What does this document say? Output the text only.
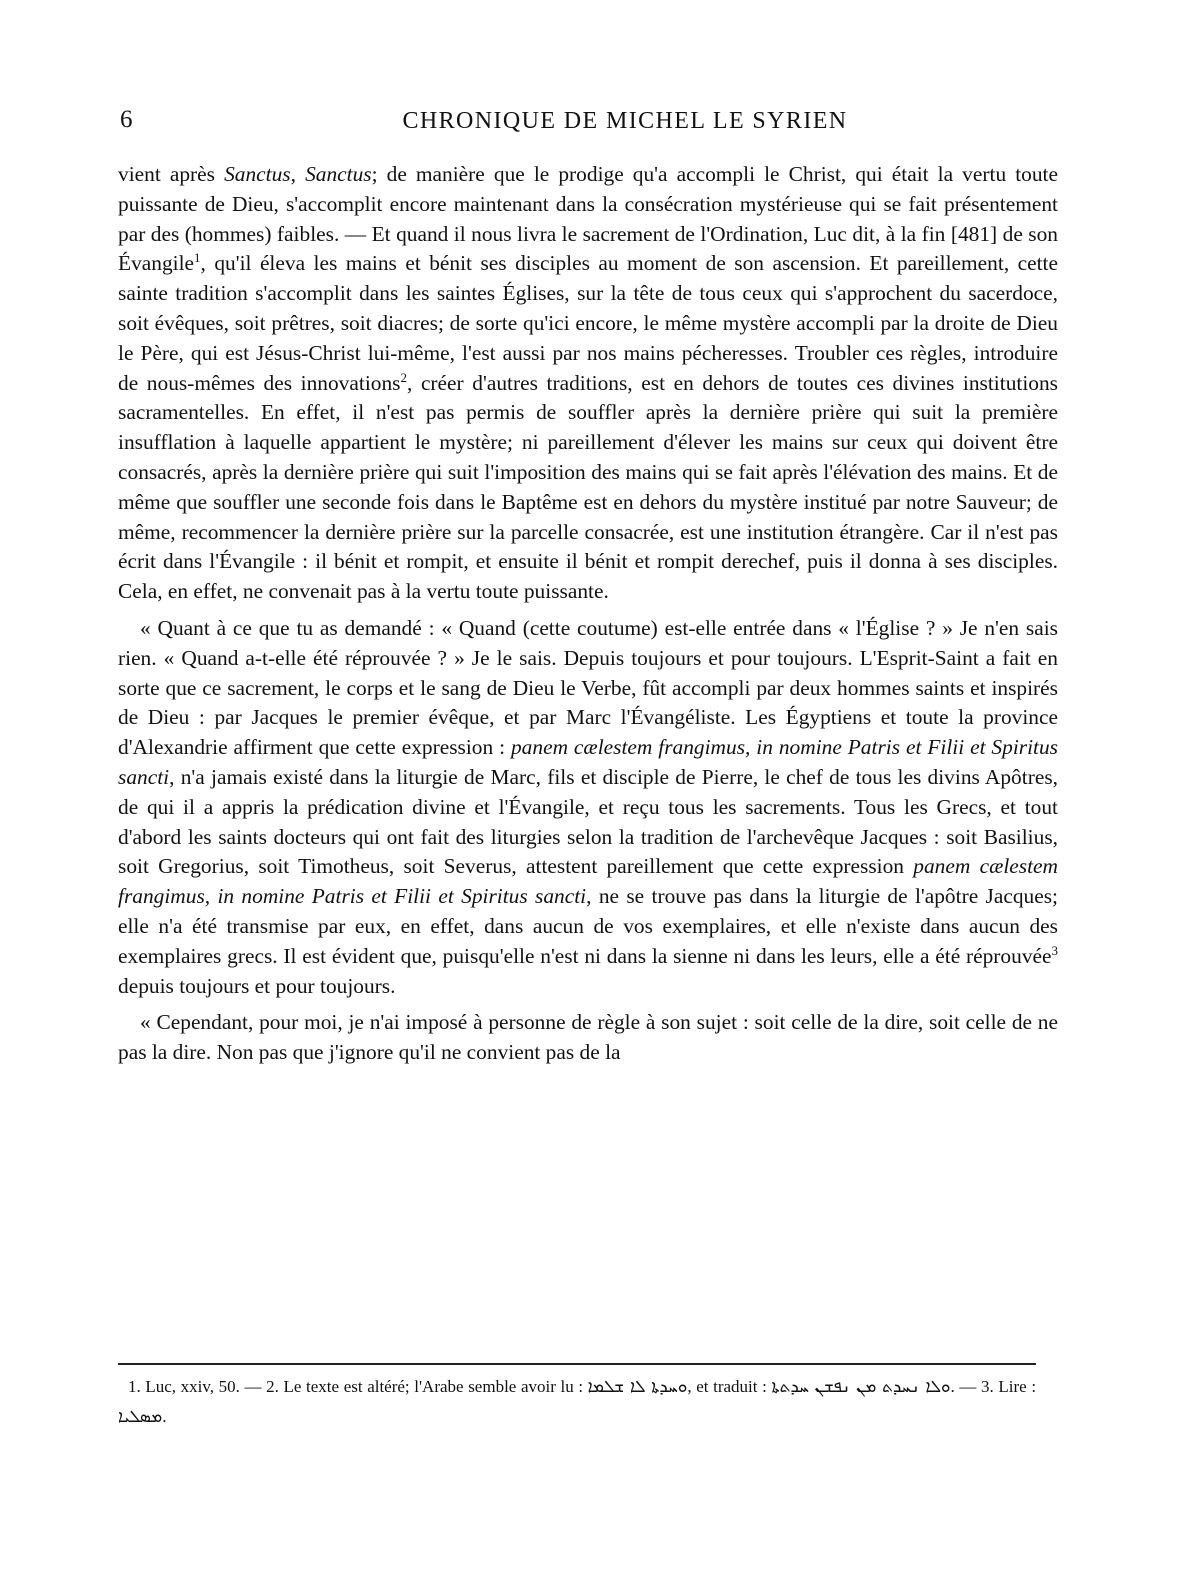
6	CHRONIQUE DE MICHEL LE SYRIEN

vient après Sanctus, Sanctus; de manière que le prodige qu'a accompli le Christ, qui était la vertu toute puissante de Dieu, s'accomplit encore maintenant dans la consécration mystérieuse qui se fait présentement par des (hommes) faibles. — Et quand il nous livra le sacrement de l'Ordination, Luc dit, à la fin [481] de son Évangile$^1$, qu'il éleva les mains et bénit ses disciples au moment de son ascension. Et pareillement, cette sainte tradition s'accomplit dans les saintes Églises, sur la tête de tous ceux qui s'approchent du sacerdoce, soit évêques, soit prêtres, soit diacres; de sorte qu'ici encore, le même mystère accompli par la droite de Dieu le Père, qui est Jésus-Christ lui-même, l'est aussi par nos mains pécheresses. Troubler ces règles, introduire de nous-mêmes des innovations$^2$, créer d'autres traditions, est en dehors de toutes ces divines institutions sacramentelles. En effet, il n'est pas permis de souffler après la dernière prière qui suit la première insufflation à laquelle appartient le mystère; ni pareillement d'élever les mains sur ceux qui doivent être consacrés, après la dernière prière qui suit l'imposition des mains qui se fait après l'élévation des mains. Et de même que souffler une seconde fois dans le Baptême est en dehors du mystère institué par notre Sauveur; de même, recommencer la dernière prière sur la parcelle consacrée, est une institution étrangère. Car il n'est pas écrit dans l'Évangile : il bénit et rompit, et ensuite il bénit et rompit derechef, puis il donna à ses disciples. Cela, en effet, ne convenait pas à la vertu toute puissante.

« Quant à ce que tu as demandé : « Quand (cette coutume) est-elle entrée dans « l'Église ? » Je n'en sais rien. « Quand a-t-elle été réprouvée ? » Je le sais. Depuis toujours et pour toujours. L'Esprit-Saint a fait en sorte que ce sacrement, le corps et le sang de Dieu le Verbe, fût accompli par deux hommes saints et inspirés de Dieu : par Jacques le premier évêque, et par Marc l'Évangéliste. Les Égyptiens et toute la province d'Alexandrie affirment que cette expression : panem cælestem frangimus, in nomine Patris et Filii et Spiritus sancti, n'a jamais existé dans la liturgie de Marc, fils et disciple de Pierre, le chef de tous les divins Apôtres, de qui il a appris la prédication divine et l'Évangile, et reçu tous les sacrements. Tous les Grecs, et tout d'abord les saints docteurs qui ont fait des liturgies selon la tradition de l'archevêque Jacques : soit Basilius, soit Gregorius, soit Timotheus, soit Severus, attestent pareillement que cette expression panem cælestem frangimus, in nomine Patris et Filii et Spiritus sancti, ne se trouve pas dans la liturgie de l'apôtre Jacques; elle n'a été transmise par eux, en effet, dans aucun de vos exemplaires, et elle n'existe dans aucun des exemplaires grecs. Il est évident que, puisqu'elle n'est ni dans la sienne ni dans les leurs, elle a été réprouvée$^3$ depuis toujours et pour toujours.

« Cependant, pour moi, je n'ai imposé à personne de règle à son sujet : soit celle de la dire, soit celle de ne pas la dire. Non pas que j'ignore qu'il ne convient pas de la

1. Luc, xxiv, 50. — 2. Le texte est altéré; l'Arabe semble avoir lu : ܘܚܕܬܐ ܠܐ ܫܠܡܐ, et traduit : ܘܠܐ ܢܚܕܬ ܡܢ ܢܦܫܢ ܚܕܬܬܐ. — 3. Lire : ܡܣܠܝܐ.
